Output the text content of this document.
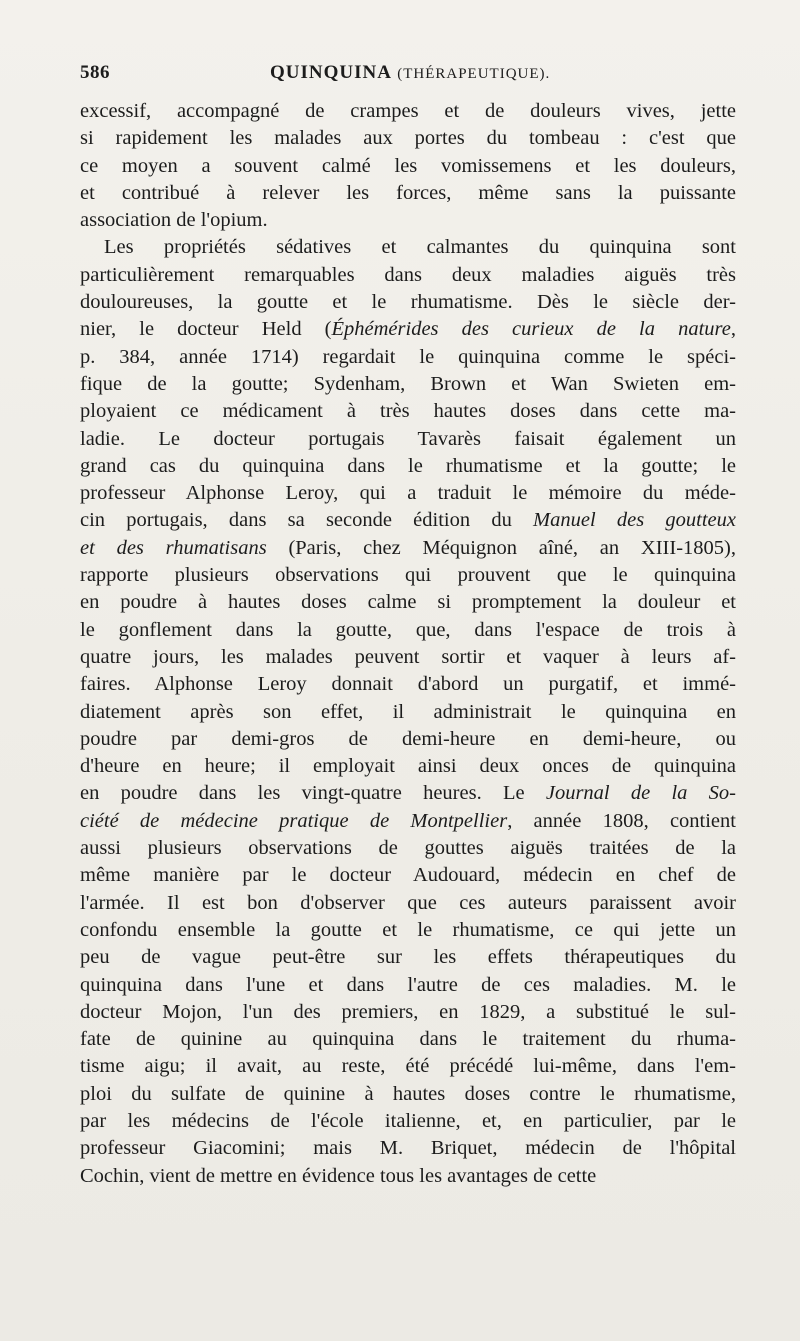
586	QUINQUINA (THÉRAPEUTIQUE).
excessif, accompagné de crampes et de douleurs vives, jette
si rapidement les malades aux portes du tombeau : c'est que
ce moyen a souvent calmé les vomissemens et les douleurs,
et contribué à relever les forces, même sans la puissante
association de l'opium.
Les propriétés sédatives et calmantes du quinquina sont
particulièrement remarquables dans deux maladies aiguës très
douloureuses, la goutte et le rhumatisme. Dès le siècle der-
nier, le docteur Held (Éphémérides des curieux de la nature,
p. 384, année 1714) regardait le quinquina comme le spéci-
fique de la goutte; Sydenham, Brown et Wan Swieten em-
ployaient ce médicament à très hautes doses dans cette ma-
ladie. Le docteur portugais Tavarès faisait également un
grand cas du quinquina dans le rhumatisme et la goutte; le
professeur Alphonse Leroy, qui a traduit le mémoire du méde-
cin portugais, dans sa seconde édition du Manuel des goutteux
et des rhumatisans (Paris, chez Méquignon aîné, an XIII-1805),
rapporte plusieurs observations qui prouvent que le quinquina
en poudre à hautes doses calme si promptement la douleur et
le gonflement dans la goutte, que, dans l'espace de trois à
quatre jours, les malades peuvent sortir et vaquer à leurs af-
faires. Alphonse Leroy donnait d'abord un purgatif, et immé-
diatement après son effet, il administrait le quinquina en
poudre par demi-gros de demi-heure en demi-heure, ou
d'heure en heure; il employait ainsi deux onces de quinquina
en poudre dans les vingt-quatre heures. Le Journal de la So-
ciété de médecine pratique de Montpellier, année 1808, contient
aussi plusieurs observations de gouttes aiguës traitées de la
même manière par le docteur Audouard, médecin en chef de
l'armée. Il est bon d'observer que ces auteurs paraissent avoir
confondu ensemble la goutte et le rhumatisme, ce qui jette un
peu de vague peut-être sur les effets thérapeutiques du
quinquina dans l'une et dans l'autre de ces maladies. M. le
docteur Mojon, l'un des premiers, en 1829, a substitué le sul-
fate de quinine au quinquina dans le traitement du rhuma-
tisme aigu; il avait, au reste, été précédé lui-même, dans l'em-
ploi du sulfate de quinine à hautes doses contre le rhumatisme,
par les médecins de l'école italienne, et, en particulier, par le
professeur Giacomini; mais M. Briquet, médecin de l'hôpital
Cochin, vient de mettre en évidence tous les avantages de cette
